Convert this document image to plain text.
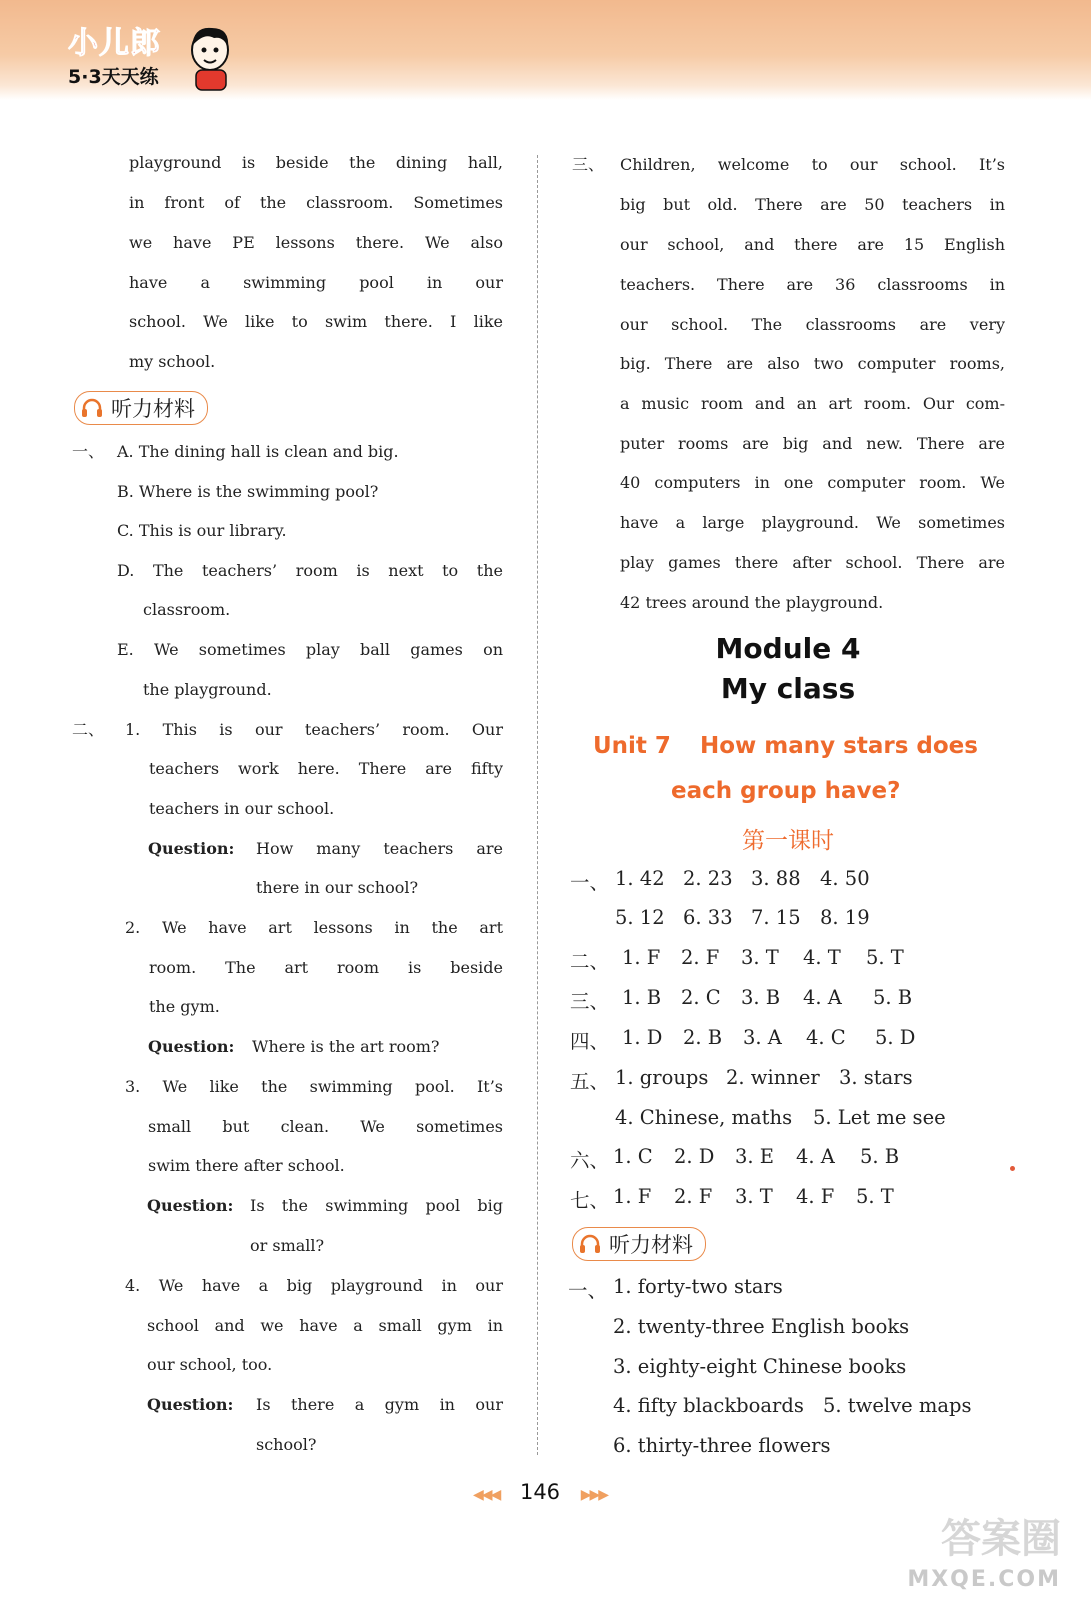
小儿郎
5·3天天练
playground is beside the dining hall,
in front of the classroom. Sometimes
we have PE lessons there. We also
have a swimming pool in our
school. We like to swim there. I like
my school.
听力材料
一、 A. The dining hall is clean and big.
B. Where is the swimming pool?
C. This is our library.
D. The teachers’ room is next to the
classroom.
E. We sometimes play ball games on
the playground.
二、 1. This is our teachers’ room. Our
teachers work here. There are fifty
teachers in our school.
Question: How many teachers are
there in our school?
2. We have art lessons in the art
room. The art room is beside
the gym.
Question: Where is the art room?
3. We like the swimming pool. It’s
small but clean. We sometimes
swim there after school.
Question: Is the swimming pool big
or small?
4. We have a big playground in our
school and we have a small gym in
our school, too.
Question: Is there a gym in our
school?
三、 Children, welcome to our school. It’s
big but old. There are 50 teachers in
our school, and there are 15 English
teachers. There are 36 classrooms in
our school. The classrooms are very
big. There are also two computer rooms,
a music room and an art room. Our com-
puter rooms are big and new. There are
40 computers in one computer room. We
have a large playground. We sometimes
play games there after school. There are
42 trees around the playground.
Module 4
My class
Unit 7 How many stars does
each group have?
第一课时
一、 1. 42 2. 23 3. 88 4. 50
5. 12 6. 33 7. 15 8. 19
二、 1. F 2. F 3. T 4. T 5. T
三、 1. B 2. C 3. B 4. A 5. B
四、 1. D 2. B 3. A 4. C 5. D
五、 1. groups 2. winner 3. stars
4. Chinese, maths 5. Let me see
六、 1. C 2. D 3. E 4. A 5. B
七、 1. F 2. F 3. T 4. F 5. T
听力材料
一、 1. forty-two stars
2. twenty-three English books
3. eighty-eight Chinese books
4. fifty blackboards 5. twelve maps
6. thirty-three flowers
◀◀◀ 146 ▶▶▶
答案圈
MXQE.COM
